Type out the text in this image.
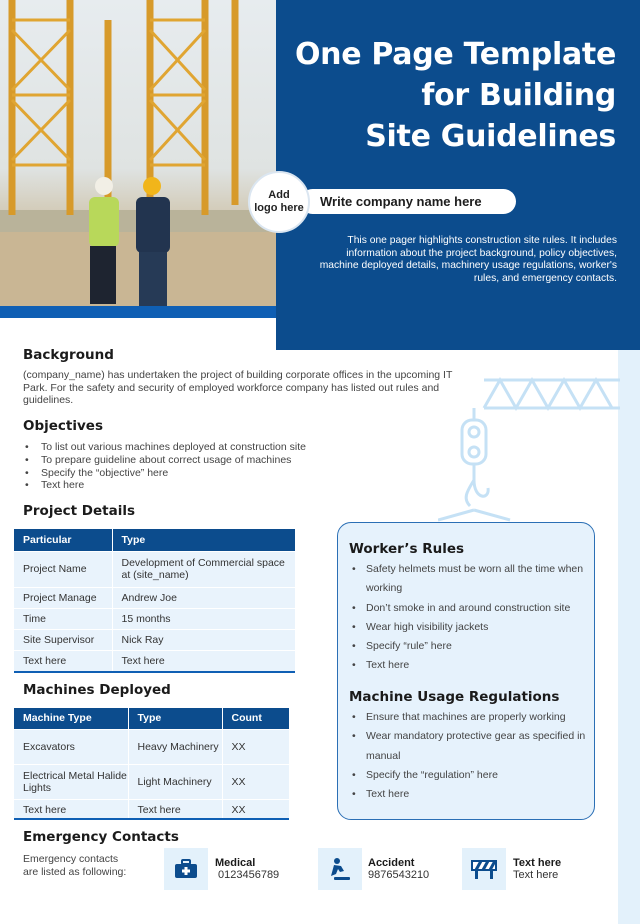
One Page Template
for Building
Site Guidelines
Add
logo here	Write company name here

This one pager highlights construction site rules. It includes information about the project background, policy objectives, machine deployed details, machinery usage regulations, worker's rules, and emergency contacts.

Background

(company_name) has undertaken the project of building corporate offices in the upcoming IT Park. For the safety and security of employed workforce company has listed out rules and guidelines.

Objectives
• To list out various machines deployed at construction site
• To prepare guideline about correct usage of machines
• Specify the “objective” here
• Text here
Project Details
Particular	Type
Project Name	Development of Commercial space at (site_name)
Project Manage	Andrew Joe
Time	15 months
Site Supervisor	Nick Ray
Text here	Text here
Machines Deployed
Machine Type	Type	Count
Excavators	Heavy Machinery	XX
Electrical Metal Halide Lights	Light Machinery	XX
Text here	Text here	XX
Worker’s Rules
• Safety helmets must be worn all the time when working
• Don’t smoke in and around construction site
• Wear high visibility jackets
• Specify “rule” here
• Text here
Machine Usage Regulations
• Ensure that machines are properly working
• Wear mandatory protective gear as specified in manual
• Specify the “regulation” here
• Text here
Emergency Contacts

Emergency contacts are listed as following:

Medical
0123456789
Accident
9876543210
Text here
Text here
